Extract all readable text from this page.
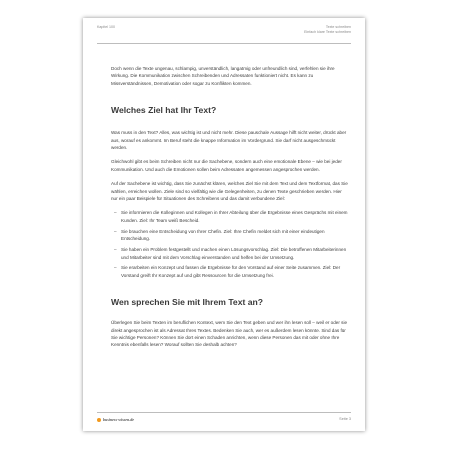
Kapitel 100	Texte schreiben
Einfach klare Texte schreiben

Doch wenn die Texte ungenau, schlampig, unverständlich, langatmig oder unfreundlich sind, verfehlen sie ihre Wirkung. Die Kommunikation zwischen Schreibenden und Adressaten funktioniert nicht. Es kann zu Missverständnissen, Demotivation oder sogar zu Konflikten kommen.

Welches Ziel hat Ihr Text?

Was muss in den Text? Alles, was wichtig ist und nicht mehr. Diese pauschale Aussage hilft nicht weiter, drückt aber aus, worauf es ankommt. Im Beruf steht die knappe Information im Vordergrund. Sie darf nicht ausgeschmückt werden.

Gleichwohl gibt es beim Schreiben nicht nur die Sachebene, sondern auch eine emotionale Ebene – wie bei jeder Kommunikation. Und auch die Emotionen sollen beim Adressaten angemessen angesprochen werden.

Auf der Sachebene ist wichtig, dass Sie zunächst klären, welches Ziel Sie mit dem Text und dem Textformat, das Sie wählen, erreichen wollen. Ziele sind so vielfältig wie die Gelegenheiten, zu denen Texte geschrieben werden. Hier nur ein paar Beispiele für Situationen des Schreibens und das damit verbundene Ziel:

– Sie informieren die Kolleginnen und Kollegen in Ihrer Abteilung über die Ergebnisse eines Gesprächs mit einem Kunden. Ziel: Ihr Team weiß Bescheid.
– Sie brauchen eine Entscheidung von Ihrer Chefin. Ziel: Ihre Chefin meldet sich mit einer eindeutigen Entscheidung.
– Sie haben ein Problem festgestellt und machen einen Lösungsvorschlag. Ziel: Die betroffenen Mitarbeiterinnen und Mitarbeiter sind mit dem Vorschlag einverstanden und helfen bei der Umsetzung.
– Sie erarbeiten ein Konzept und fassen die Ergebnisse für den Vorstand auf einer Seite zusammen. Ziel: Der Vorstand greift Ihr Konzept auf und gibt Ressourcen für die Umsetzung frei.
Wen sprechen Sie mit Ihrem Text an?

Überlegen Sie beim Texten im beruflichen Kontext, wem Sie den Text geben und wer ihn lesen soll – weil er oder sie direkt angesprochen ist als Adressat Ihres Textes. Bedenken Sie auch, wer es außerdem lesen könnte. Sind das für Sie wichtige Personen? Können Sie dort einen Schaden anrichten, wenn diese Personen das mit oder ohne Ihre Kenntnis ebenfalls lesen? Worauf sollten Sie deshalb achten?

business-wissen.de	Seite 3
